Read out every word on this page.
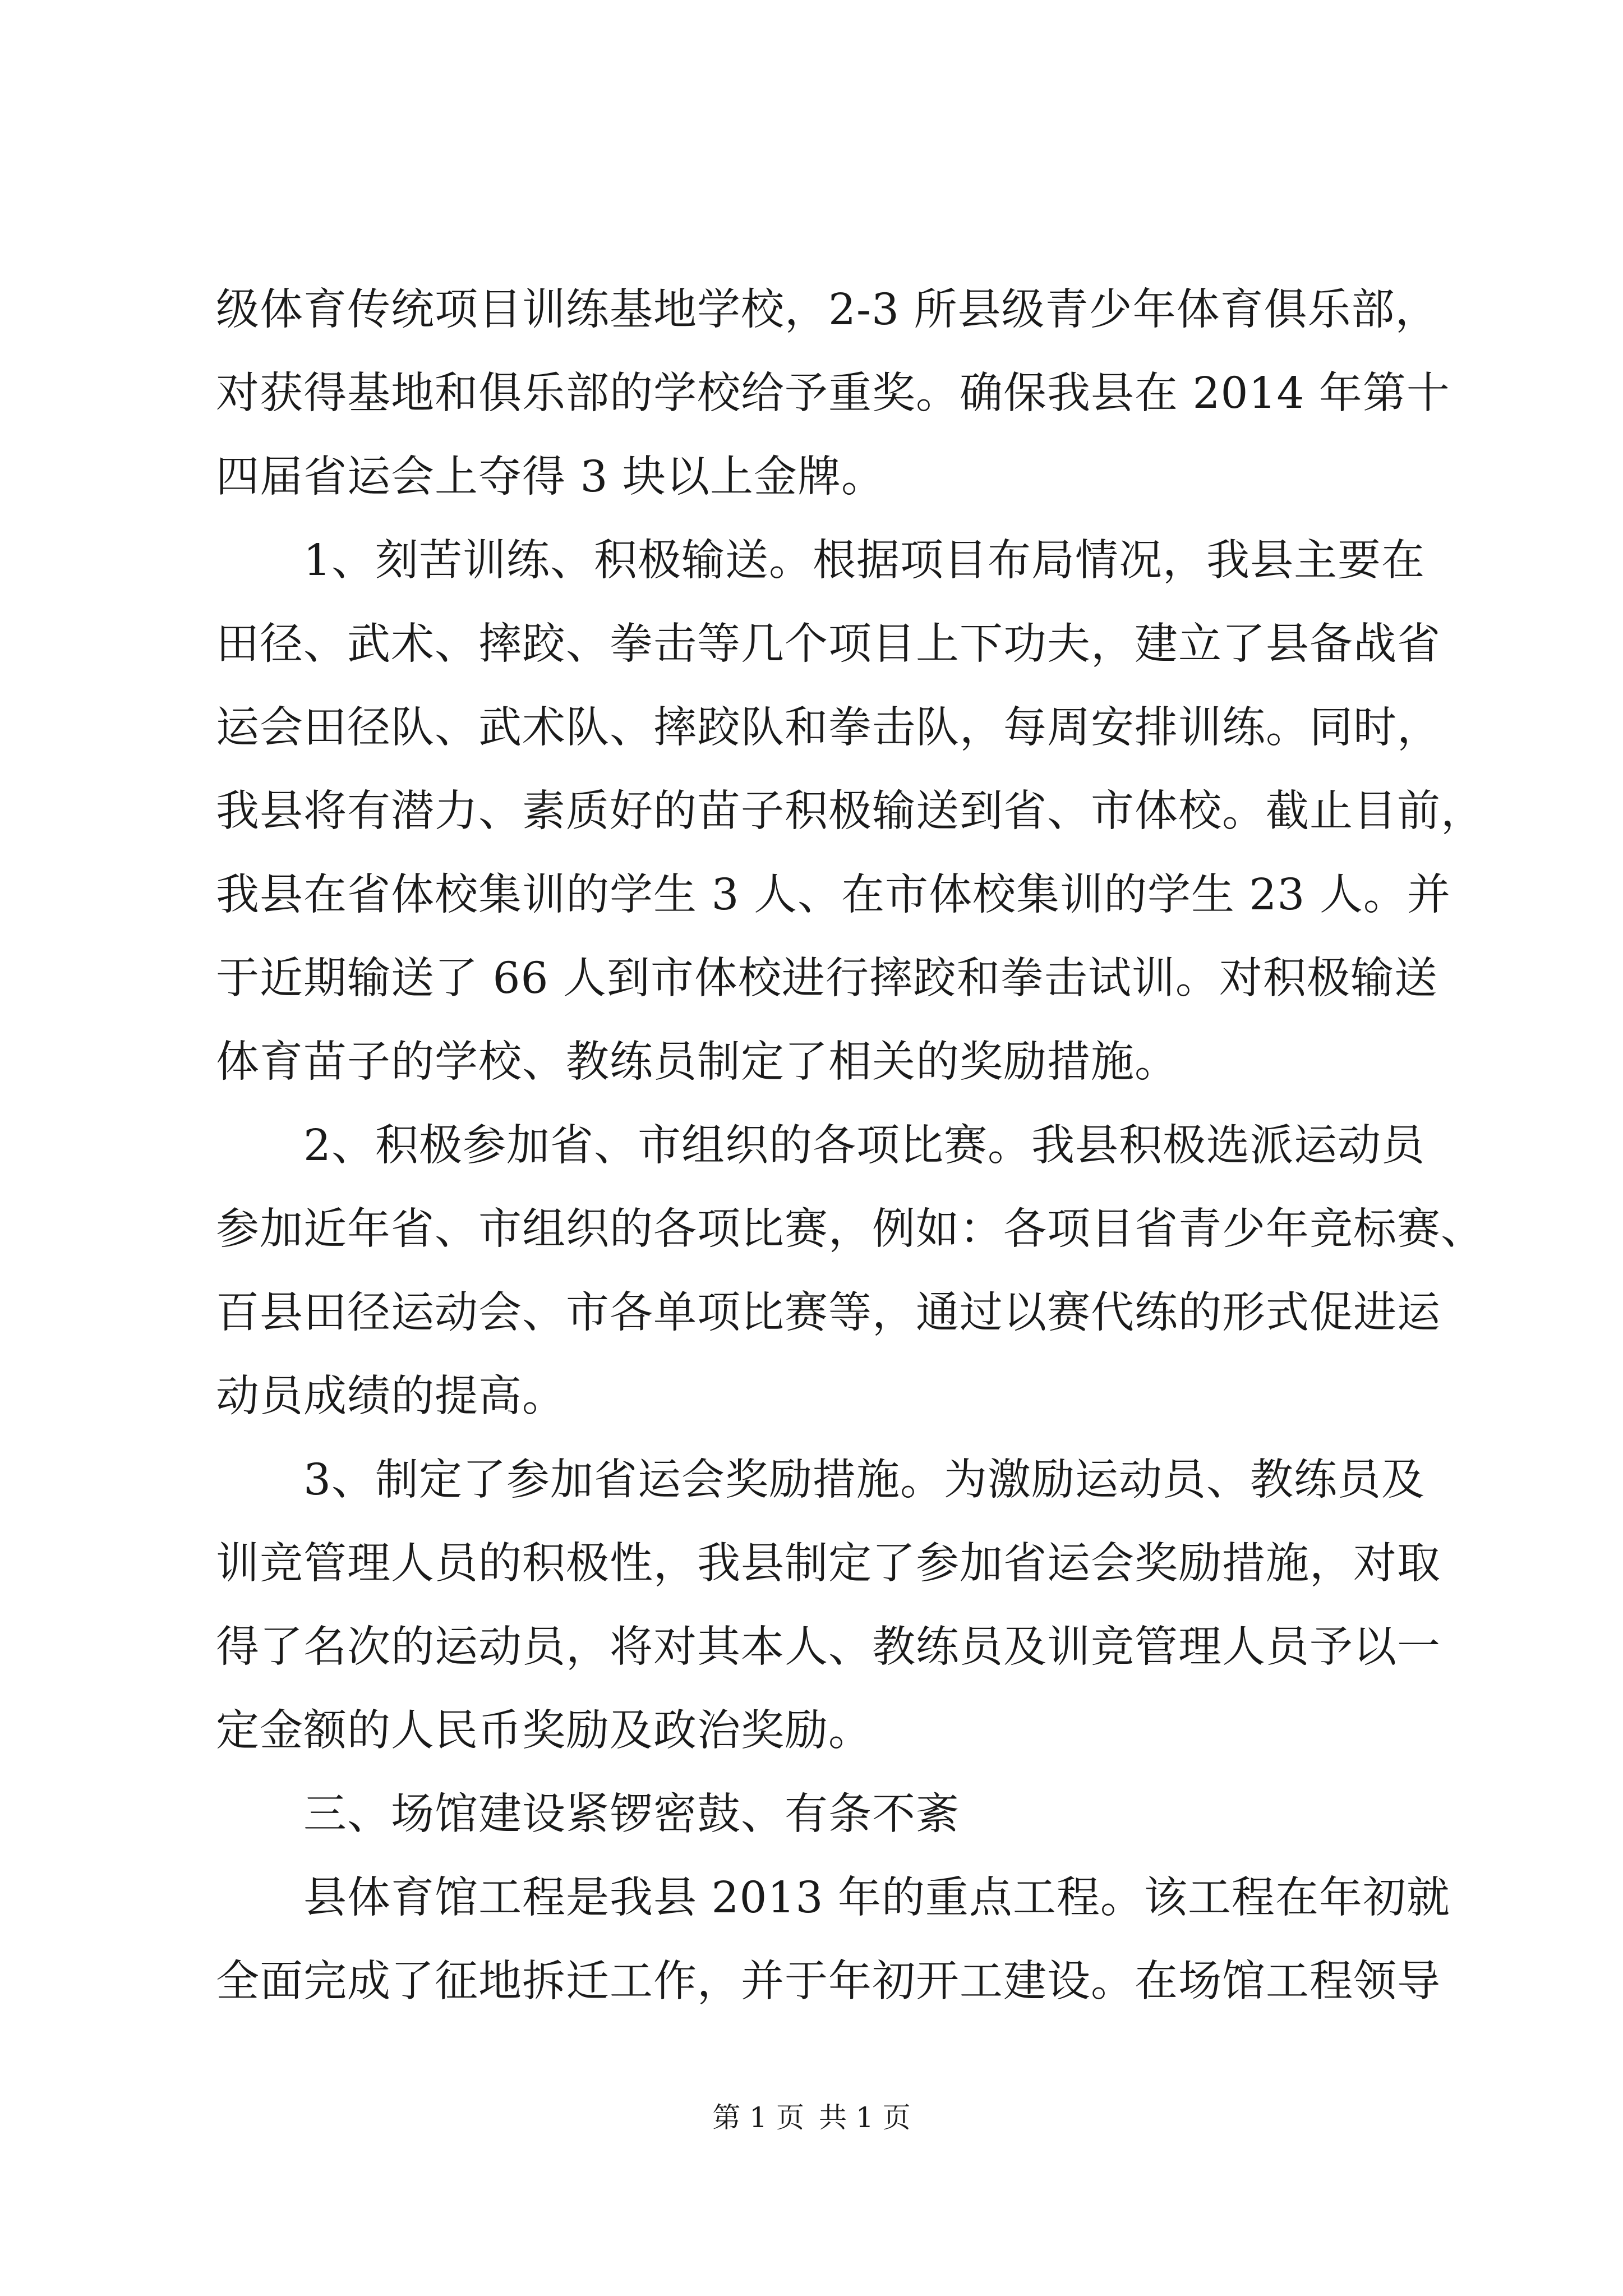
级体育传统项目训练基地学校，2-3 所县级青少年体育俱乐部，
对获得基地和俱乐部的学校给予重奖。确保我县在 2014 年第十
四届省运会上夺得 3 块以上金牌。
1、刻苦训练、积极输送。根据项目布局情况，我县主要在
田径、武术、摔跤、拳击等几个项目上下功夫，建立了县备战省
运会田径队、武术队、摔跤队和拳击队，每周安排训练。同时，
我县将有潜力、素质好的苗子积极输送到省、市体校。截止目前，
我县在省体校集训的学生 3 人、在市体校集训的学生 23 人。并
于近期输送了 66 人到市体校进行摔跤和拳击试训。对积极输送
体育苗子的学校、教练员制定了相关的奖励措施。
2、积极参加省、市组织的各项比赛。我县积极选派运动员
参加近年省、市组织的各项比赛，例如：各项目省青少年竞标赛、
百县田径运动会、市各单项比赛等，通过以赛代练的形式促进运
动员成绩的提高。
3、制定了参加省运会奖励措施。为激励运动员、教练员及
训竞管理人员的积极性，我县制定了参加省运会奖励措施，对取
得了名次的运动员，将对其本人、教练员及训竞管理人员予以一
定金额的人民币奖励及政治奖励。
三、场馆建设紧锣密鼓、有条不紊
县体育馆工程是我县 2013 年的重点工程。该工程在年初就
全面完成了征地拆迁工作，并于年初开工建设。在场馆工程领导
第 1 页 共 1 页
